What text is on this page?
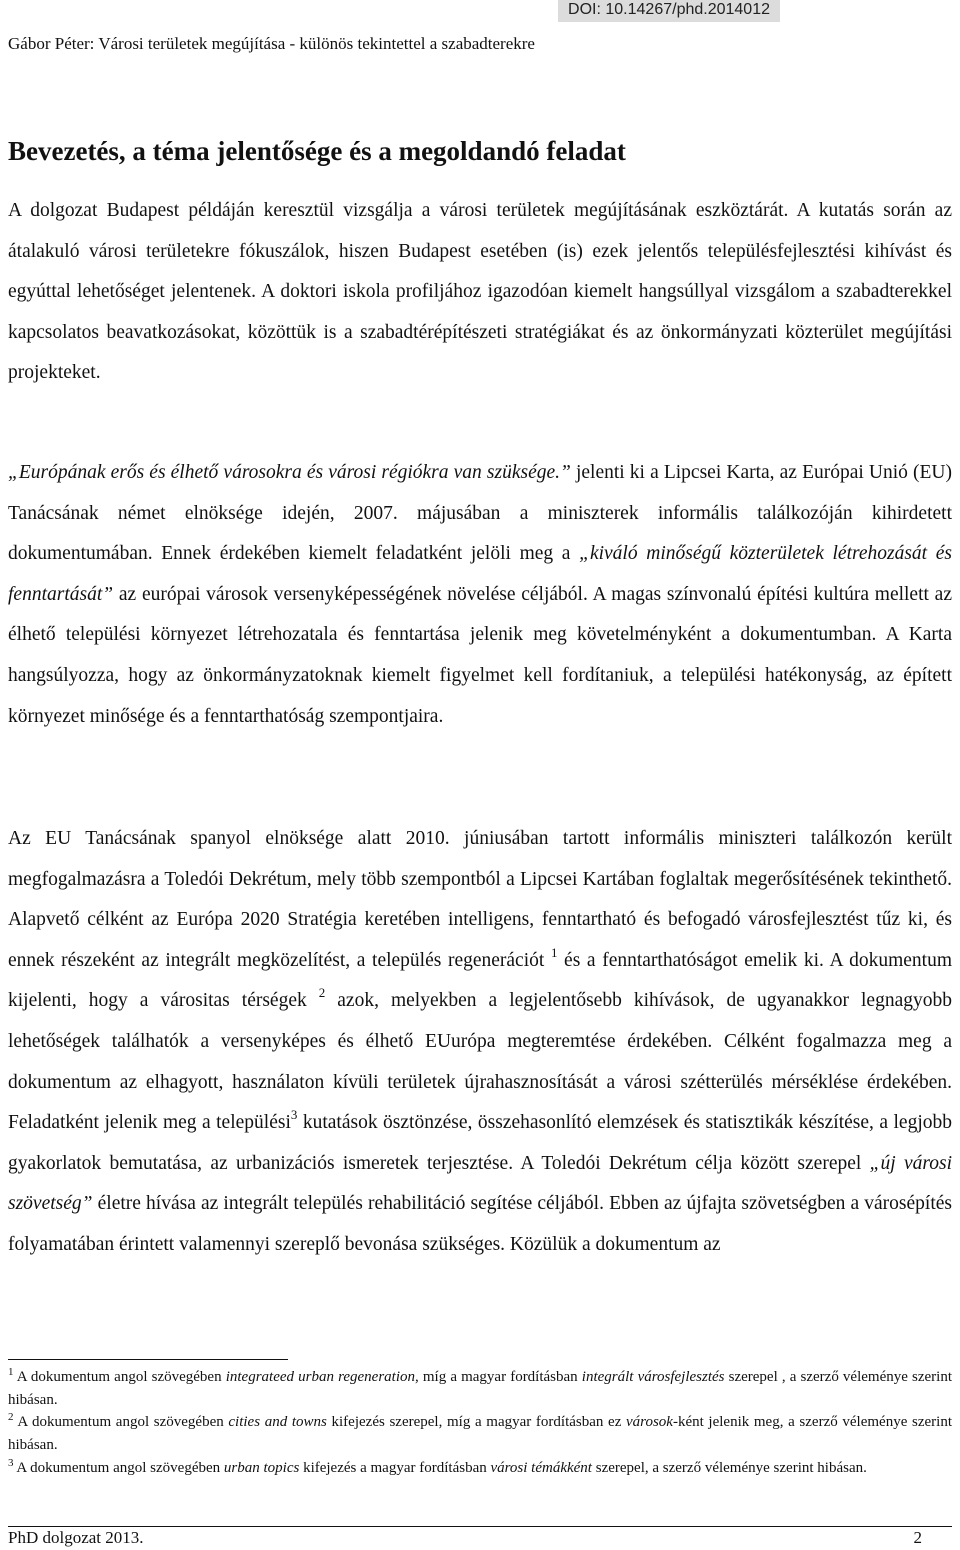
DOI: 10.14267/phd.2014012
Gábor Péter: Városi területek megújítása - különös tekintettel a szabadterekre
Bevezetés, a téma jelentősége és a megoldandó feladat

A dolgozat Budapest példáján keresztül vizsgálja a városi területek megújításának eszköztárát. A kutatás során az átalakuló városi területekre fókuszálok, hiszen Budapest esetében (is) ezek jelentős településfejlesztési kihívást és egyúttal lehetőséget jelentenek. A doktori iskola profiljához igazodóan kiemelt hangsúllyal vizsgálom a szabadterekkel kapcsolatos beavatkozásokat, közöttük is a szabadtérépítészeti stratégiákat és az önkormányzati közterület megújítási projekteket.

„Európának erős és élhető városokra és városi régiókra van szüksége.” jelenti ki a Lipcsei Karta, az Európai Unió (EU) Tanácsának német elnöksége idején, 2007. májusában a miniszterek informális találkozóján kihirdetett dokumentumában. Ennek érdekében kiemelt feladatként jelöli meg a „kiváló minőségű közterületek létrehozását és fenntartását” az európai városok versenyképességének növelése céljából. A magas színvonalú építési kultúra mellett az élhető települési környezet létrehozatala és fenntartása jelenik meg követelményként a dokumentumban. A Karta hangsúlyozza, hogy az önkormányzatoknak kiemelt figyelmet kell fordítaniuk, a települési hatékonyság, az épített környezet minősége és a fenntarthatóság szempontjaira.

Az EU Tanácsának spanyol elnöksége alatt 2010. júniusában tartott informális miniszteri találkozón került megfogalmazásra a Toledói Dekrétum, mely több szempontból a Lipcsei Kartában foglaltak megerősítésének tekinthető. Alapvető célként az Európa 2020 Stratégia keretében intelligens, fenntartható és befogadó városfejlesztést tűz ki, és ennek részeként az integrált megközelítést, a település regenerációt $^1$ és a fenntarthatóságot emelik ki. A dokumentum kijelenti, hogy a várositas térségek $^2$ azok, melyekben a legjelentősebb kihívások, de ugyanakkor legnagyobb lehetőségek találhatók a versenyképes és élhető EUurópa megteremtése érdekében. Célként fogalmazza meg a dokumentum az elhagyott, használaton kívüli területek újrahasznosítását a városi szétterülés mérséklése érdekében. Feladatként jelenik meg a települési$^3$ kutatások ösztönzése, összehasonlító elemzések és statisztikák készítése, a legjobb gyakorlatok bemutatása, az urbanizációs ismeretek terjesztése. A Toledói Dekrétum célja között szerepel „új városi szövetség” életre hívása az integrált település rehabilitáció segítése céljából. Ebben az újfajta szövetségben a városépítés folyamatában érintett valamennyi szereplő bevonása szükséges. Közülük a dokumentum az

$^1$ A dokumentum angol szövegében integrateed urban regeneration, míg a magyar fordításban integrált városfejlesztés szerepel , a szerző véleménye szerint hibásan.

$^2$ A dokumentum angol szövegében cities and towns kifejezés szerepel, míg a magyar fordításban ez városok-ként jelenik meg, a szerző véleménye szerint hibásan.

$^3$ A dokumentum angol szövegében urban topics kifejezés a magyar fordításban városi témákként szerepel, a szerző véleménye szerint hibásan.

PhD dolgozat 2013.	2
